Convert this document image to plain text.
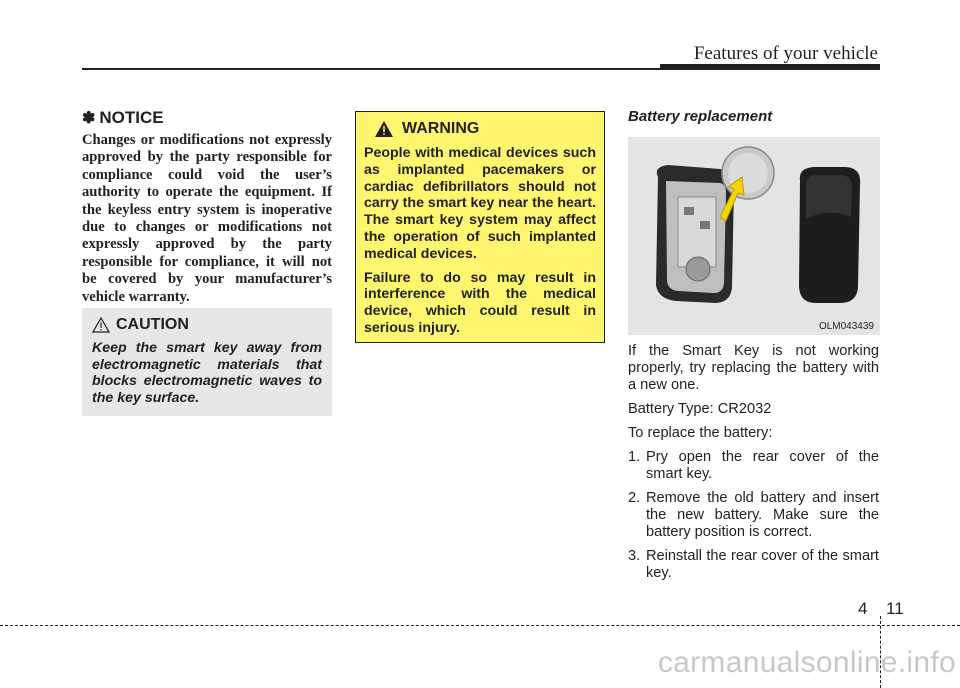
Features of your vehicle
✽ NOTICE
Changes or modifications not expressly approved by the party responsible for compliance could void the user’s authority to operate the equipment. If the keyless entry system is inoperative due to changes or modifications not expressly approved by the party responsible for compliance, it will not be covered by your manufacturer’s vehicle warranty.
CAUTION
Keep the smart key away from electromagnetic materials that blocks electromagnetic waves to the key surface.
WARNING
People with medical devices such as implanted pacemakers or cardiac defibrillators should not carry the smart key near the heart. The smart key system may affect the operation of such implanted medical devices.
Failure to do so may result in interference with the medical device, which could result in serious injury.
Battery replacement
OLM043439

If the Smart Key is not working properly, try replacing the battery with a new one.

Battery Type: CR2032

To replace the battery:

1. Pry open the rear cover of the smart key.
2. Remove the old battery and insert the new battery. Make sure the battery position is correct.
3. Reinstall the rear cover of the smart key.
4 11
carmanualsonline.info
